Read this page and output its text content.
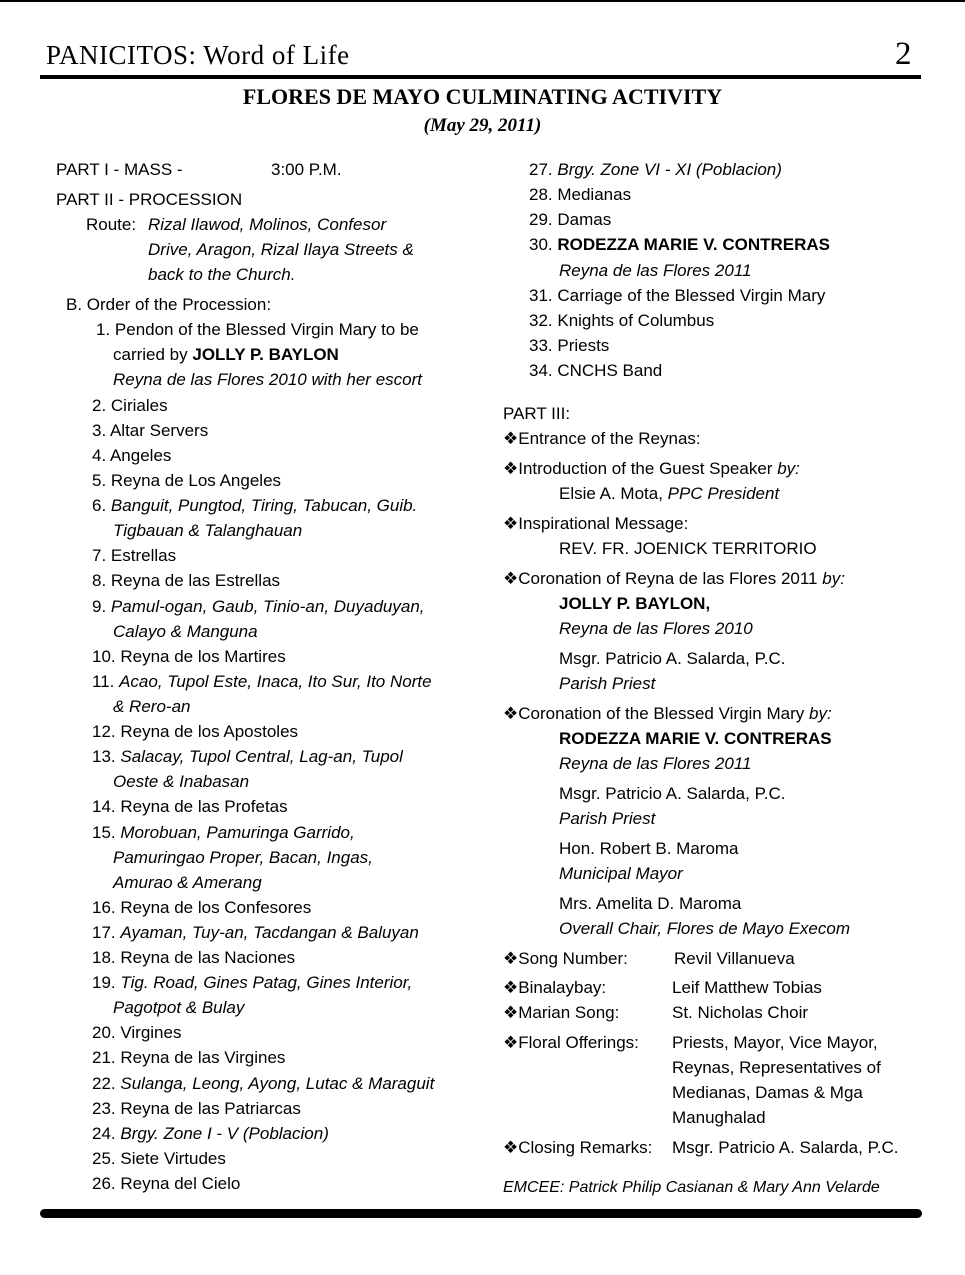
PANICITOS: Word of Life	2
FLORES DE MAYO CULMINATING ACTIVITY
(May 29, 2011)
PART I - MASS -	3:00 P.M.
PART II - PROCESSION
Route: Rizal Ilawod, Molinos, Confesor
Drive, Aragon, Rizal Ilaya Streets &
back to the Church.
B. Order of the Procession:
1. Pendon of the Blessed Virgin Mary to be
carried by JOLLY P. BAYLON
Reyna de las Flores 2010 with her escort
2. Ciriales
3. Altar Servers
4. Angeles
5. Reyna de Los Angeles
6. Banguit, Pungtod, Tiring, Tabucan, Guib.
Tigbauan & Talanghauan
7. Estrellas
8. Reyna de las Estrellas
9. Pamul-ogan, Gaub, Tinio-an, Duyaduyan,
Calayo & Manguna
10. Reyna de los Martires
11. Acao, Tupol Este, Inaca, Ito Sur, Ito Norte
& Rero-an
12. Reyna de los Apostoles
13. Salacay, Tupol Central, Lag-an, Tupol
Oeste & Inabasan
14. Reyna de las Profetas
15. Morobuan, Pamuringa Garrido,
Pamuringao Proper, Bacan, Ingas,
Amurao & Amerang
16. Reyna de los Confesores
17. Ayaman, Tuy-an, Tacdangan & Baluyan
18. Reyna de las Naciones
19. Tig. Road, Gines Patag, Gines Interior,
Pagotpot & Bulay
20. Virgines
21. Reyna de las Virgines
22. Sulanga, Leong, Ayong, Lutac & Maraguit
23. Reyna de las Patriarcas
24. Brgy. Zone I - V (Poblacion)
25. Siete Virtudes
26. Reyna del Cielo
27. Brgy. Zone VI - XI (Poblacion)
28. Medianas
29. Damas
30. RODEZZA MARIE V. CONTRERAS
Reyna de las Flores 2011
31. Carriage of the Blessed Virgin Mary
32. Knights of Columbus
33. Priests
34. CNCHS Band
PART III:
❖Entrance of the Reynas:
❖Introduction of the Guest Speaker by:
Elsie A. Mota, PPC President
❖Inspirational Message:
REV. FR. JOENICK TERRITORIO
❖Coronation of Reyna de las Flores 2011 by:
JOLLY P. BAYLON,
Reyna de las Flores 2010
Msgr. Patricio A. Salarda, P.C.
Parish Priest
❖Coronation of the Blessed Virgin Mary by:
RODEZZA MARIE V. CONTRERAS
Reyna de las Flores 2011
Msgr. Patricio A. Salarda, P.C.
Parish Priest
Hon. Robert B. Maroma
Municipal Mayor
Mrs. Amelita D. Maroma
Overall Chair, Flores de Mayo Execom
❖Song Number:	Revil Villanueva
❖Binalaybay:	Leif Matthew Tobias
❖Marian Song:	St. Nicholas Choir
❖Floral Offerings: Priests, Mayor, Vice Mayor,
Reynas, Representatives of
Medianas, Damas & Mga
Manughalad
❖Closing Remarks: Msgr. Patricio A. Salarda, P.C.
EMCEE: Patrick Philip Casianan & Mary Ann Velarde
